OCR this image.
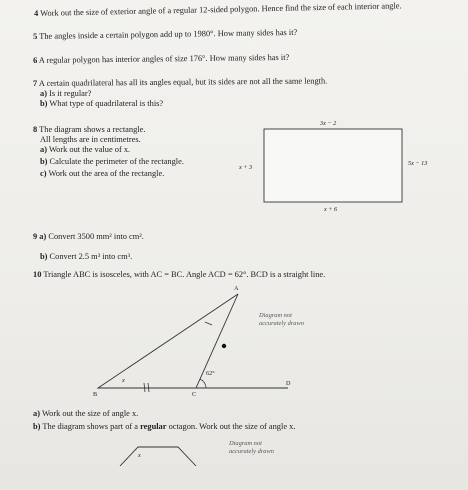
4 Work out the size of exterior angle of a regular 12-sided polygon. Hence find the size of each interior angle.
5 The angles inside a certain polygon add up to 1980°. How many sides has it?
6 A regular polygon has interior angles of size 176°. How many sides has it?
7 A certain quadrilateral has all its angles equal, but its sides are not all the same length.
a) Is it regular?
b) What type of quadrilateral is this?
8 The diagram shows a rectangle.
All lengths are in centimetres.
a) Work out the value of x.
b) Calculate the perimeter of the rectangle.
c) Work out the area of the rectangle.
3x − 2
x + 3
5x − 13
x + 6
9 a) Convert 3500 mm² into cm².
b) Convert 2.5 m³ into cm³.
10 Triangle ABC is isosceles, with AC = BC. Angle ACD = 62°. BCD is a straight line.
Diagram not
accurately drawn
A
B	C
D
62°
x
a) Work out the size of angle x.
b) The diagram shows part of a regular octagon. Work out the size of angle x.
Diagram not
accurately drawn
x
